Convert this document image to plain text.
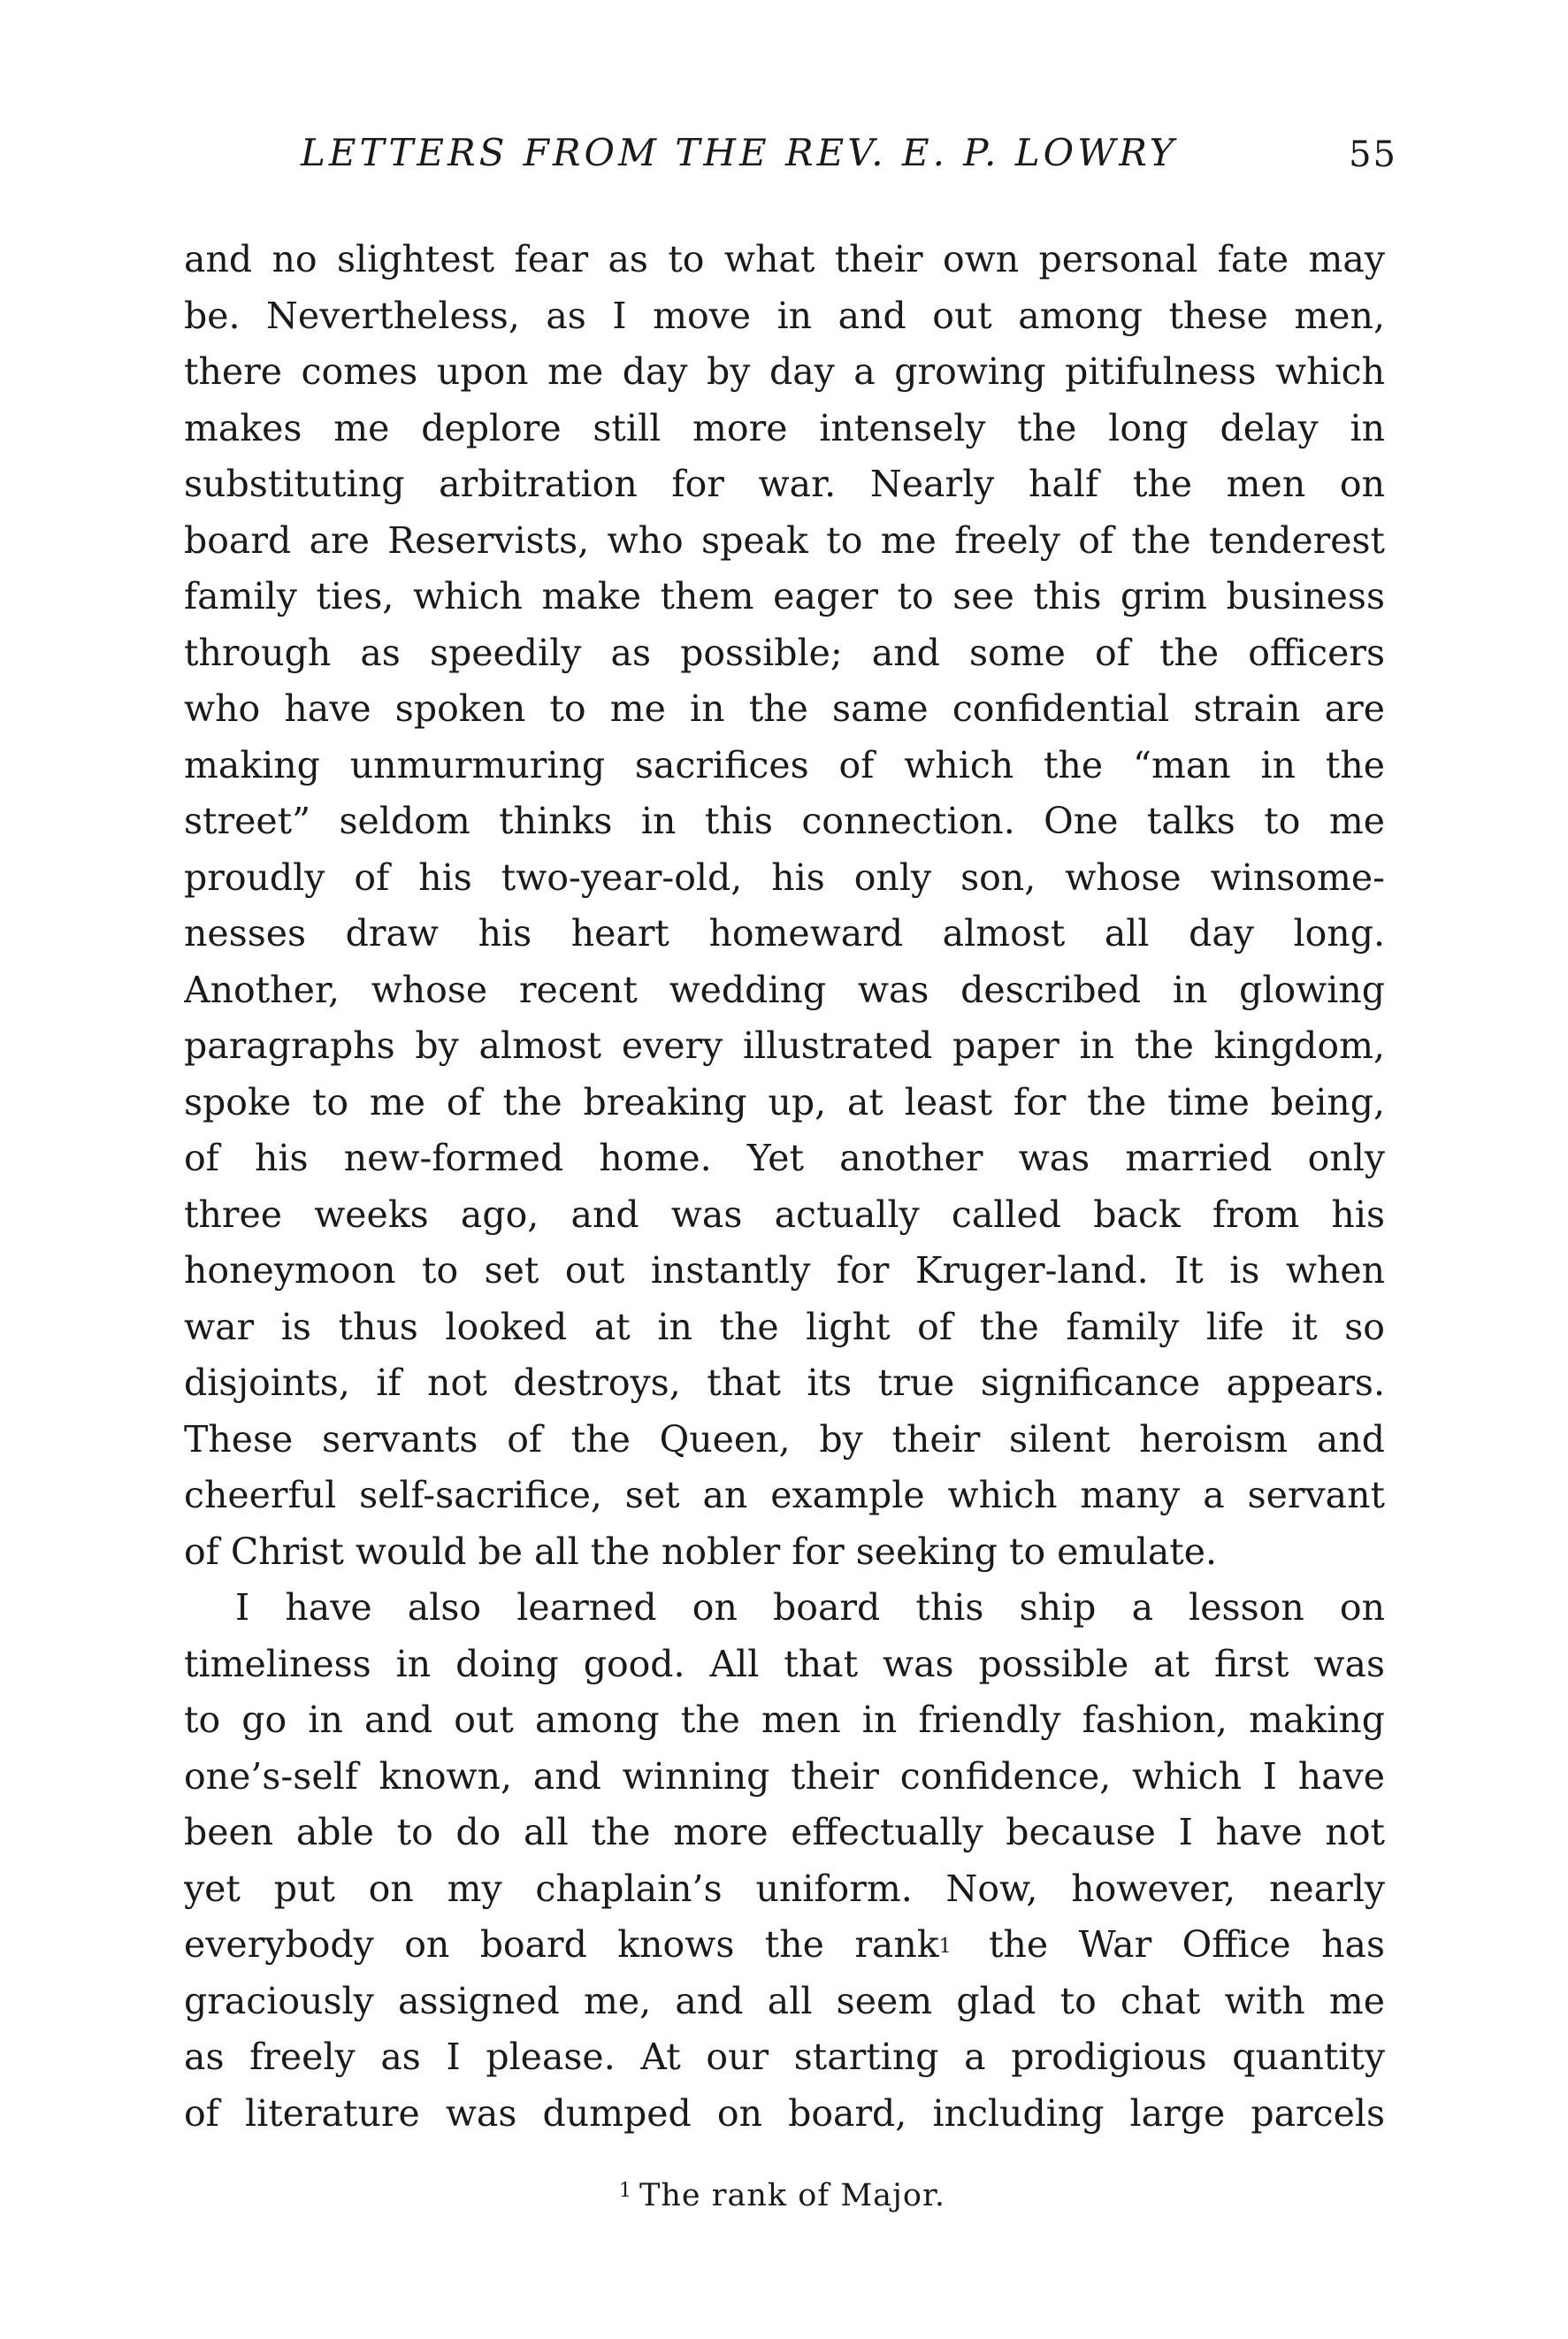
LETTERS FROM THE REV. E. P. LOWRY	55
and no slightest fear as to what their own personal fate may
be. Nevertheless, as I move in and out among these men,
there comes upon me day by day a growing pitifulness which
makes me deplore still more intensely the long delay in
substituting arbitration for war. Nearly half the men on
board are Reservists, who speak to me freely of the tenderest
family ties, which make them eager to see this grim business
through as speedily as possible; and some of the officers
who have spoken to me in the same confidential strain are
making unmurmuring sacrifices of which the “man in the
street” seldom thinks in this connection. One talks to me
proudly of his two-year-old, his only son, whose winsome-
nesses draw his heart homeward almost all day long.
Another, whose recent wedding was described in glowing
paragraphs by almost every illustrated paper in the kingdom,
spoke to me of the breaking up, at least for the time being,
of his new-formed home. Yet another was married only
three weeks ago, and was actually called back from his
honeymoon to set out instantly for Kruger-land. It is when
war is thus looked at in the light of the family life it so
disjoints, if not destroys, that its true significance appears.
These servants of the Queen, by their silent heroism and
cheerful self-sacrifice, set an example which many a servant
of Christ would be all the nobler for seeking to emulate.
I have also learned on board this ship a lesson on
timeliness in doing good. All that was possible at first was
to go in and out among the men in friendly fashion, making
one’s-self known, and winning their confidence, which I have
been able to do all the more effectually because I have not
yet put on my chaplain’s uniform. Now, however, nearly
everybody on board knows the rank$^1$ the War Office has
graciously assigned me, and all seem glad to chat with me
as freely as I please. At our starting a prodigious quantity
of literature was dumped on board, including large parcels
$^1$ The rank of Major.
